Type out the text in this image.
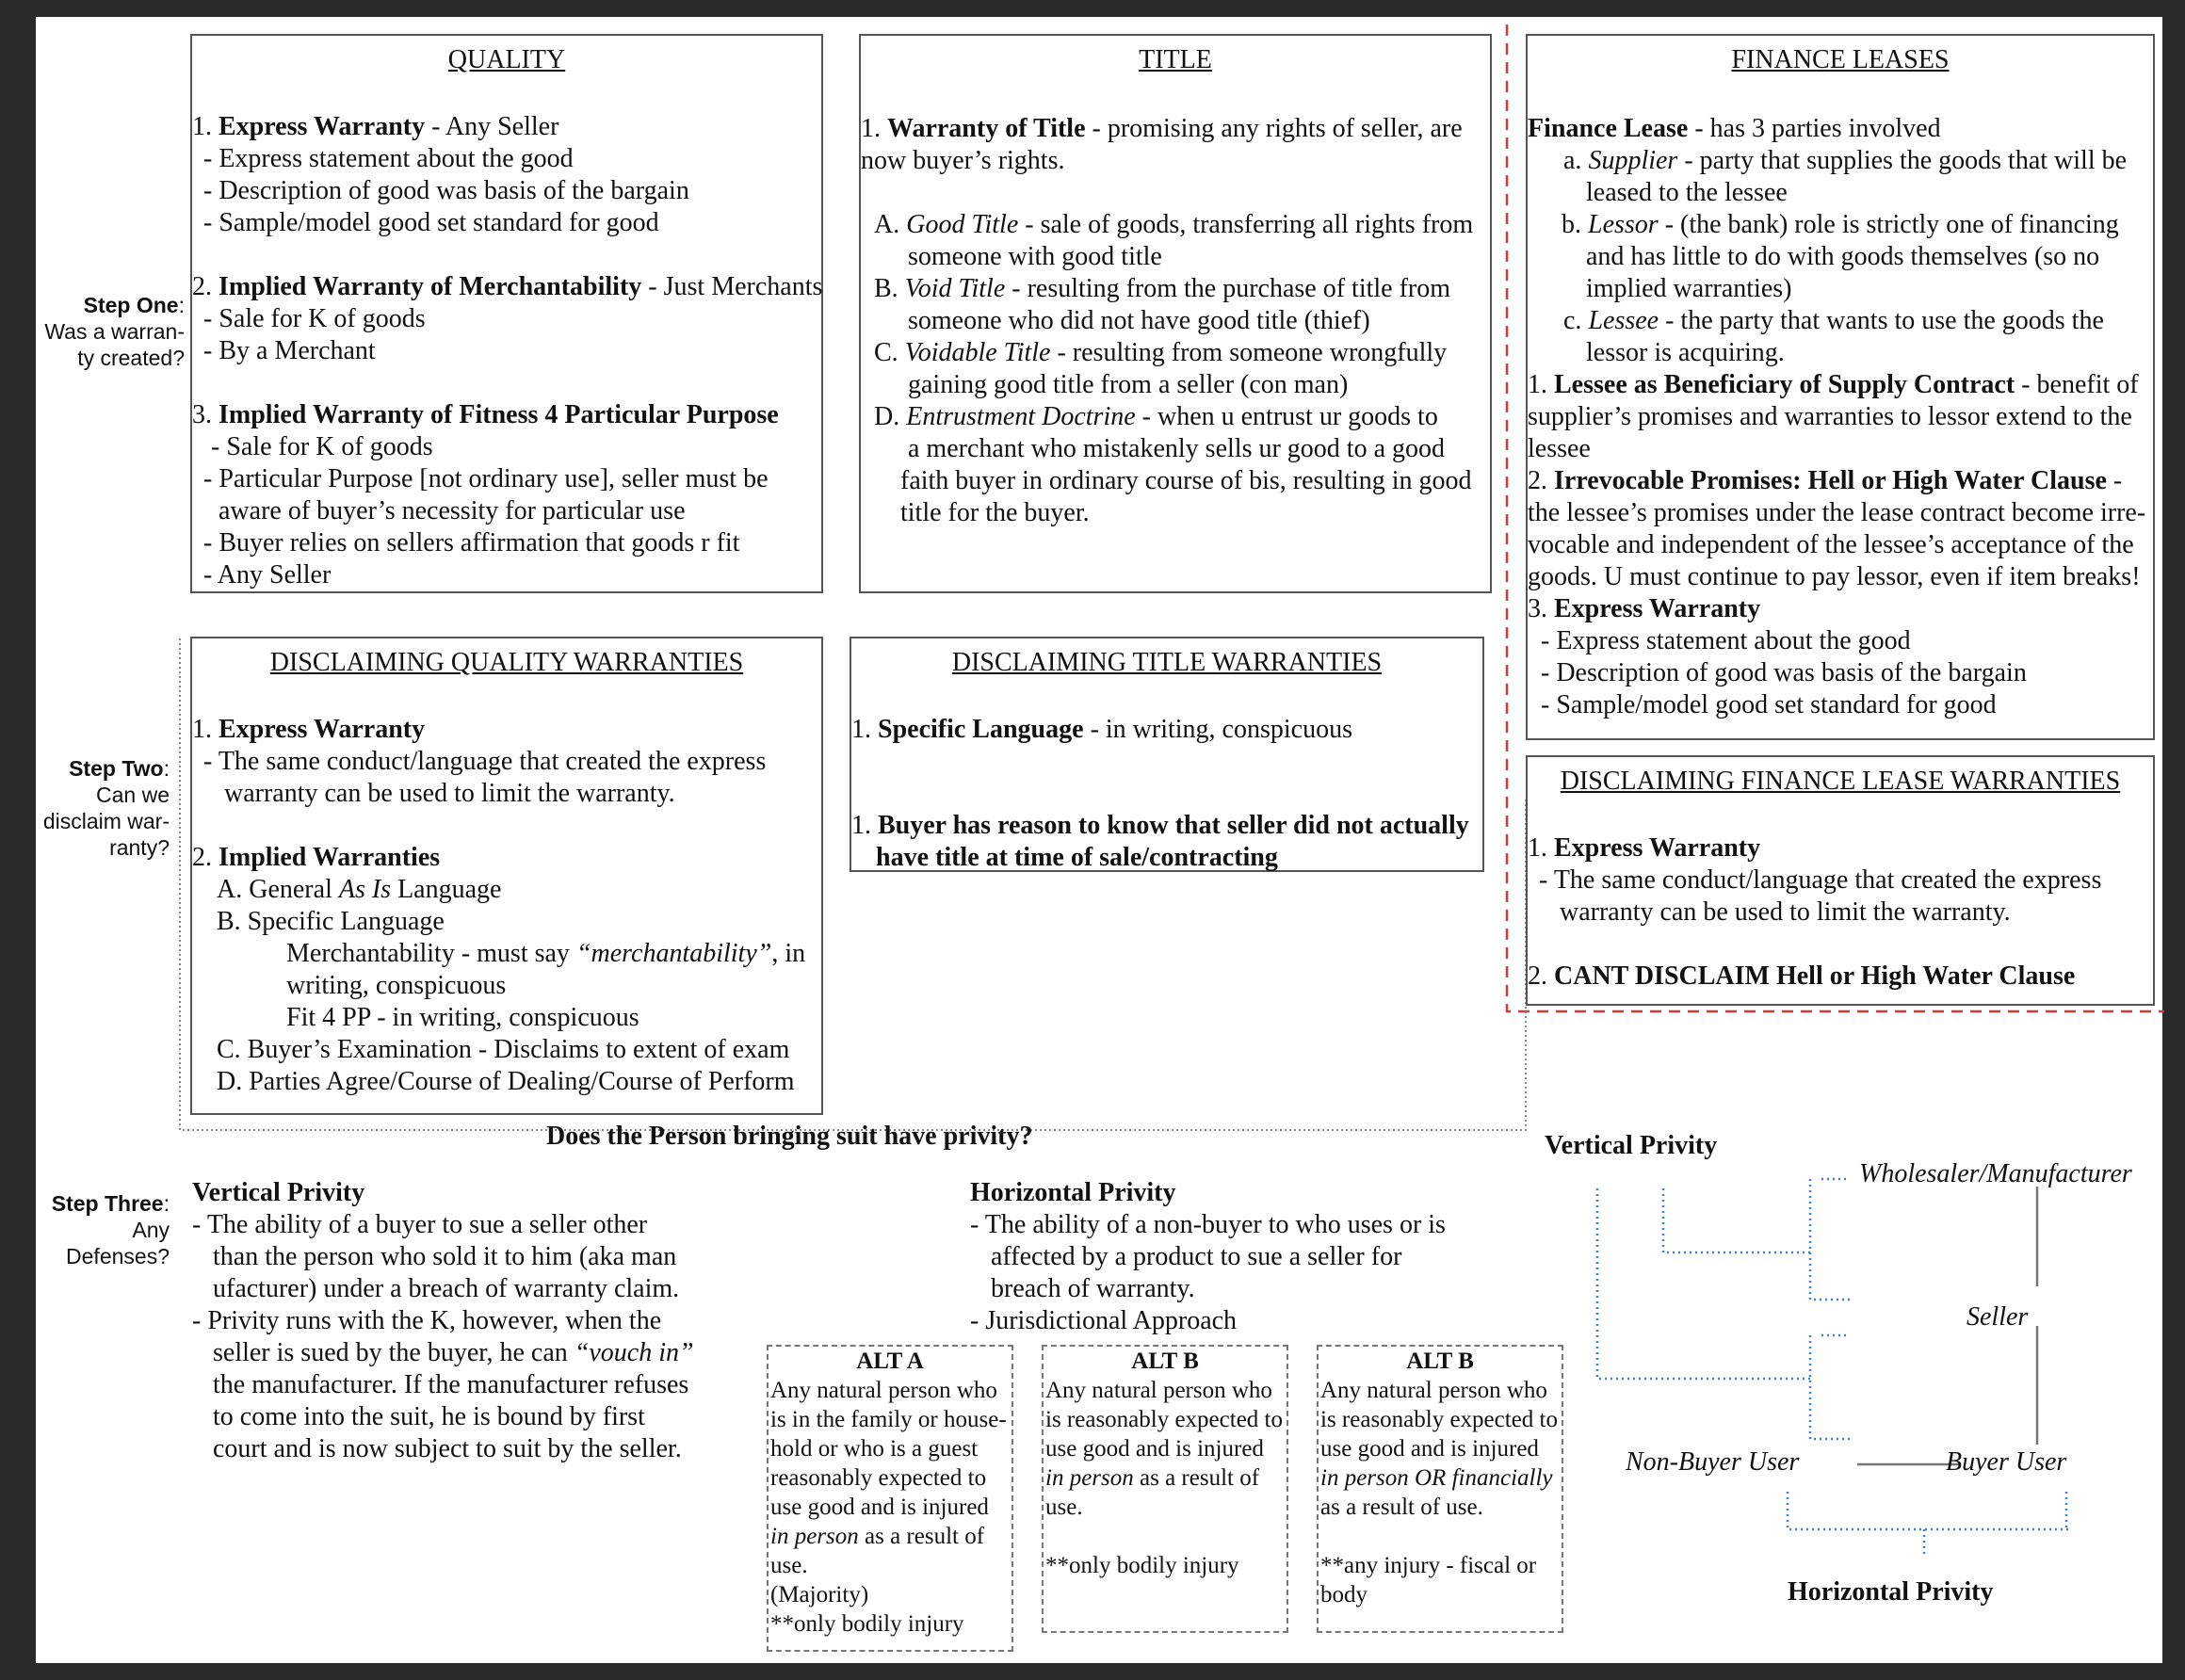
Step One:
Was a warran-
ty created?
Step Two:
Can we
disclaim war-
ranty?
Step Three:
Any
Defenses?
QUALITY
1. Express Warranty - Any Seller
- Express statement about the good
- Description of good was basis of the bargain
- Sample/model good set standard for good
2. Implied Warranty of Merchantability - Just Merchants
- Sale for K of goods
- By a Merchant
3. Implied Warranty of Fitness 4 Particular Purpose
- Sale for K of goods
- Particular Purpose [not ordinary use], seller must be
aware of buyer’s necessity for particular use
- Buyer relies on sellers affirmation that goods r fit
- Any Seller
TITLE
1. Warranty of Title - promising any rights of seller, are
now buyer’s rights.
A. Good Title - sale of goods, transferring all rights from
someone with good title
B. Void Title - resulting from the purchase of title from
someone who did not have good title (thief)
C. Voidable Title - resulting from someone wrongfully
gaining good title from a seller (con man)
D. Entrustment Doctrine - when u entrust ur goods to
a merchant who mistakenly sells ur good to a good
faith buyer in ordinary course of bis, resulting in good
title for the buyer.
FINANCE LEASES
Finance Lease - has 3 parties involved
a. Supplier - party that supplies the goods that will be
leased to the lessee
b. Lessor - (the bank) role is strictly one of financing
and has little to do with goods themselves (so no
implied warranties)
c. Lessee - the party that wants to use the goods the
lessor is acquiring.
1. Lessee as Beneficiary of Supply Contract - benefit of
supplier’s promises and warranties to lessor extend to the
lessee
2. Irrevocable Promises: Hell or High Water Clause -
the lessee’s promises under the lease contract become irre-
vocable and independent of the lessee’s acceptance of the
goods. U must continue to pay lessor, even if item breaks!
3. Express Warranty
- Express statement about the good
- Description of good was basis of the bargain
- Sample/model good set standard for good
DISCLAIMING QUALITY WARRANTIES
1. Express Warranty
- The same conduct/language that created the express
warranty can be used to limit the warranty.
2. Implied Warranties
A. General As Is Language
B. Specific Language
Merchantability - must say “merchantability”, in
writing, conspicuous
Fit 4 PP - in writing, conspicuous
C. Buyer’s Examination - Disclaims to extent of exam
D. Parties Agree/Course of Dealing/Course of Perform
DISCLAIMING TITLE WARRANTIES
1. Specific Language - in writing, conspicuous
1. Buyer has reason to know that seller did not actually
have title at time of sale/contracting
DISCLAIMING FINANCE LEASE WARRANTIES
1. Express Warranty
- The same conduct/language that created the express
warranty can be used to limit the warranty.
2. CANT DISCLAIM Hell or High Water Clause
Does the Person bringing suit have privity?
Vertical Privity
- The ability of a buyer to sue a seller other
than the person who sold it to him (aka man
ufacturer) under a breach of warranty claim.
- Privity runs with the K, however, when the
seller is sued by the buyer, he can “vouch in”
the manufacturer. If the manufacturer refuses
to come into the suit, he is bound by first
court and is now subject to suit by the seller.
Horizontal Privity
- The ability of a non-buyer to who uses or is
affected by a product to sue a seller for
breach of warranty.
- Jurisdictional Approach
ALT A
Any natural person who
is in the family or house-
hold or who is a guest
reasonably expected to
use good and is injured
in person as a result of
use.
(Majority)
**only bodily injury
ALT B
Any natural person who
is reasonably expected to
use good and is injured
in person as a result of
use.
**only bodily injury
ALT B
Any natural person who
is reasonably expected to
use good and is injured
in person OR financially
as a result of use.
**any injury - fiscal or
body
Vertical Privity
Wholesaler/Manufacturer
Seller
Non-Buyer User	Buyer User
Horizontal Privity
